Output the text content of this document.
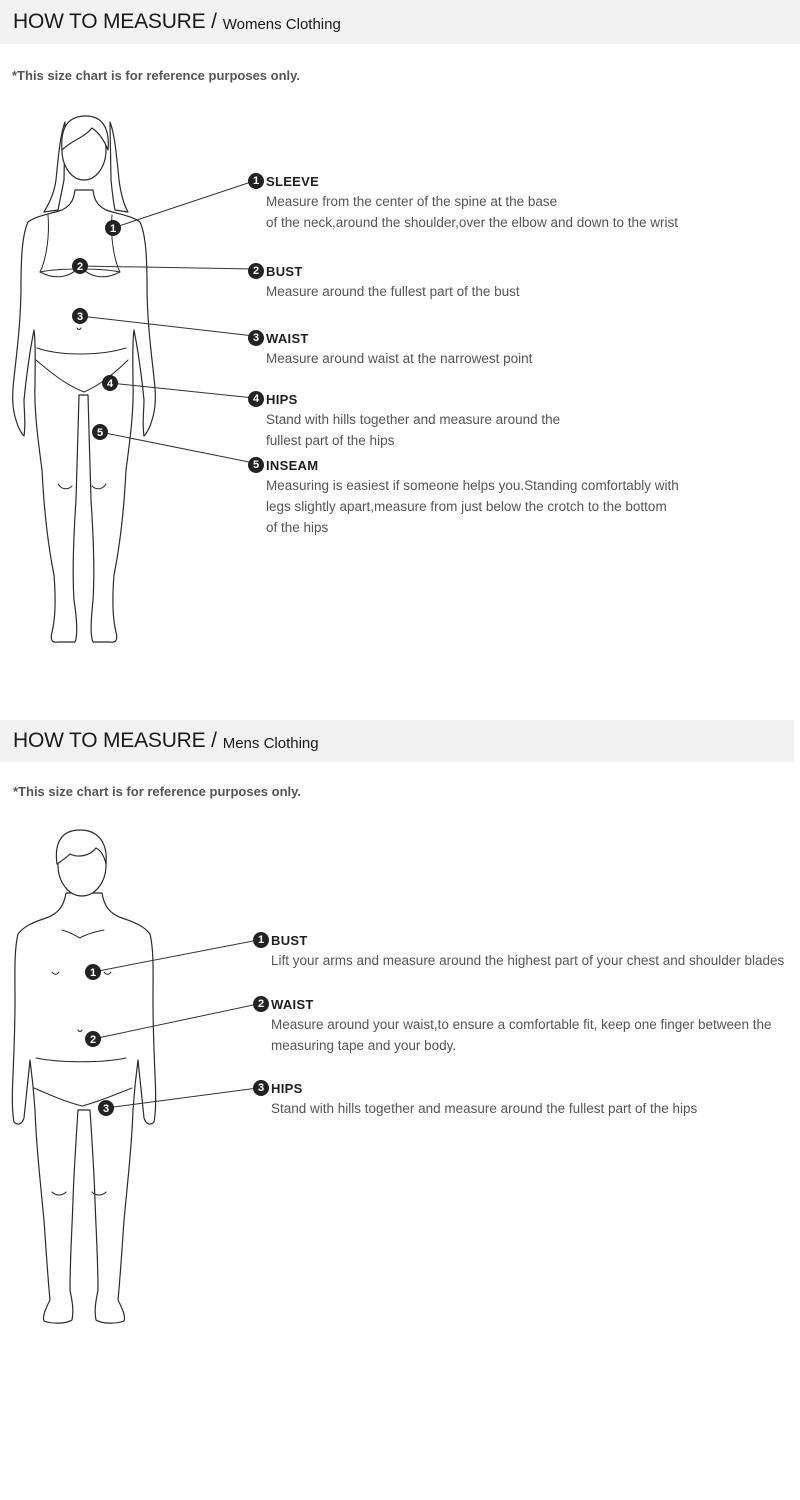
HOW TO MEASURE / Womens Clothing
*This size chart is for reference purposes only.
1
2
3
4
5
1 SLEEVE
Measure from the center of the spine at the base
of the neck,around the shoulder,over the elbow and down to the wrist
2 BUST
Measure around the fullest part of the bust
3 WAIST
Measure around waist at the narrowest point
4 HIPS
Stand with hills together and measure around the
fullest part of the hips
5 INSEAM
Measuring is easiest if someone helps you.Standing comfortably with
legs slightly apart,measure from just below the crotch to the bottom
of the hips
HOW TO MEASURE / Mens Clothing
*This size chart is for reference purposes only.
1
2
3
1 BUST
Lift your arms and measure around the highest part of your chest and shoulder blades
2 WAIST
Measure around your waist,to ensure a comfortable fit, keep one finger between the
measuring tape and your body.
3 HIPS
Stand with hills together and measure around the fullest part of the hips
